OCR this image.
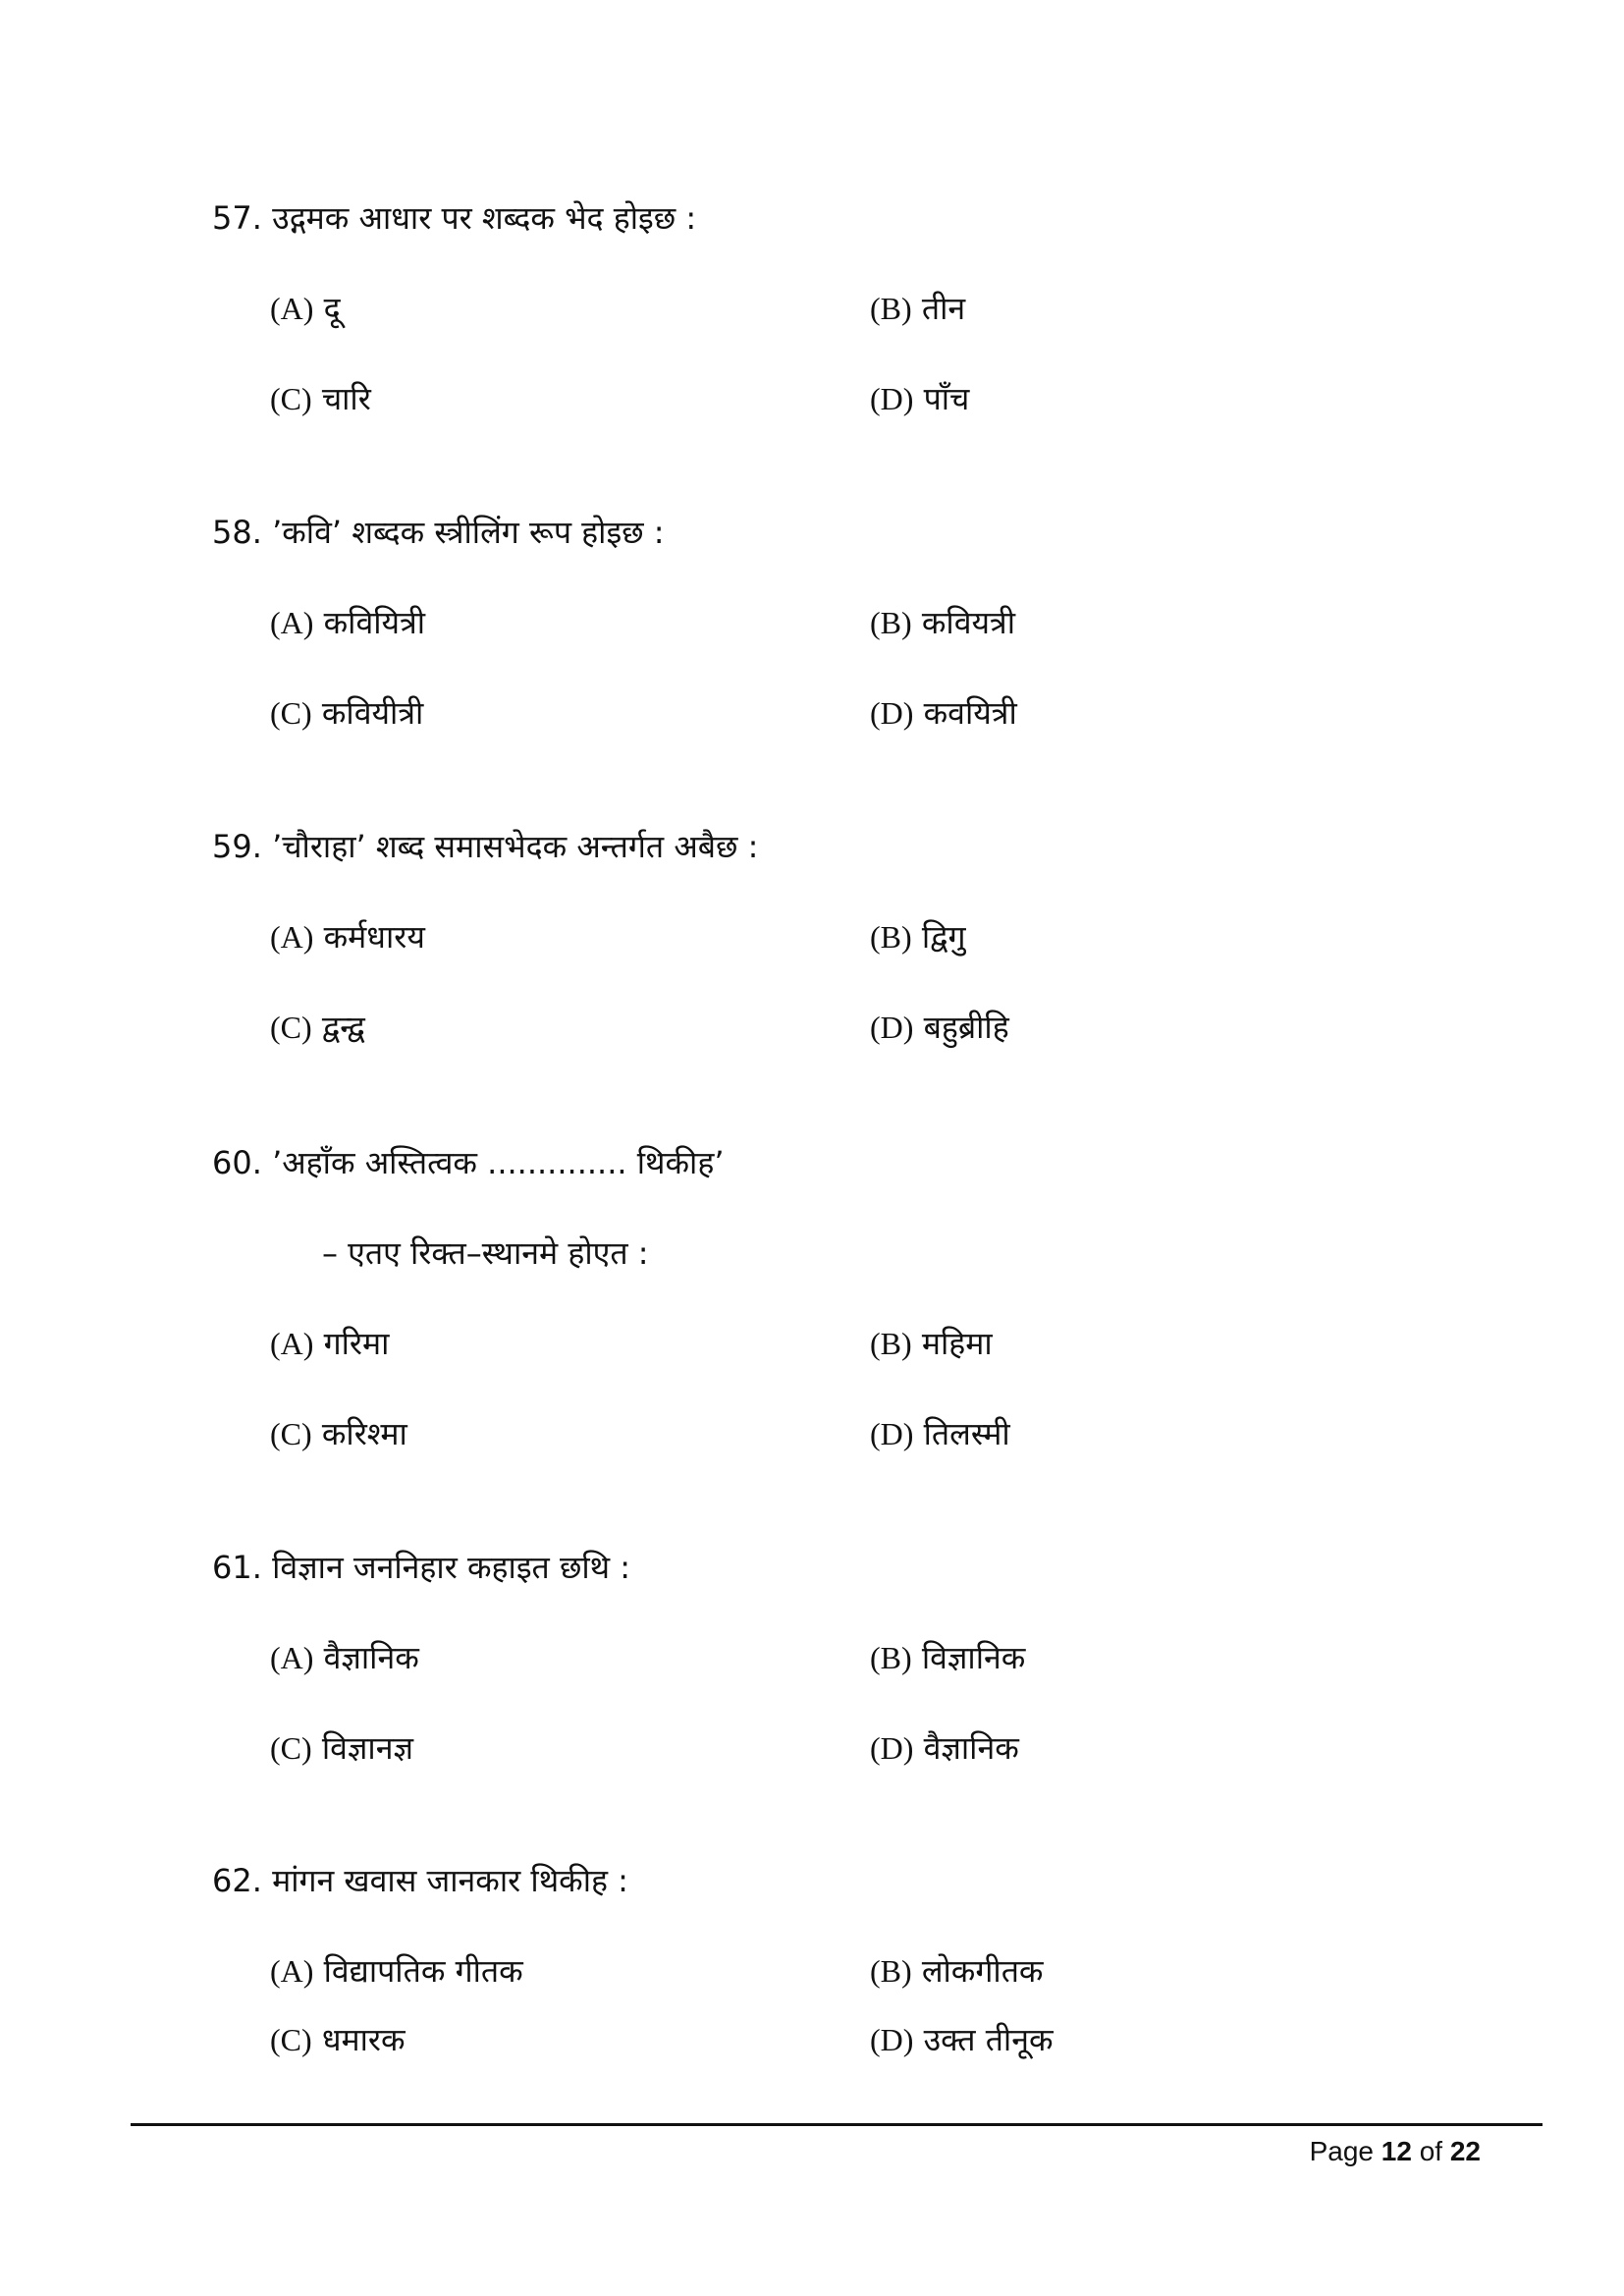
57. उद्गमक आधार पर शब्दक भेद होइछ :
(A) दू	(B) तीन
(C) चारि	(D) पाँच
58. ’कवि’ शब्दक स्त्रीलिंग रूप होइछ :
(A) कवियित्री	(B) कवियत्री
(C) कवियीत्री	(D) कवयित्री
59. ’चौराहा’ शब्द समासभेदक अन्तर्गत अबैछ :
(A) कर्मधारय	(B) द्विगु
(C) द्वन्द्व	(D) बहुब्रीहि
60. ’अहाँक अस्तित्वक .............. थिकीह’
– एतए रिक्त–स्थानमे होएत :
(A) गरिमा	(B) महिमा
(C) करिश्मा	(D) तिलस्मी
61. विज्ञान जननिहार कहाइत छथि :
(A) वैज्ञानिक	(B) विज्ञानिक
(C) विज्ञानज्ञ	(D) वैज्ञानिक
62. मांगन खवास जानकार थिकीह :
(A) विद्यापतिक गीतक	(B) लोकगीतक
(C) धमारक	(D) उक्त तीनूक
Page 12 of 22
